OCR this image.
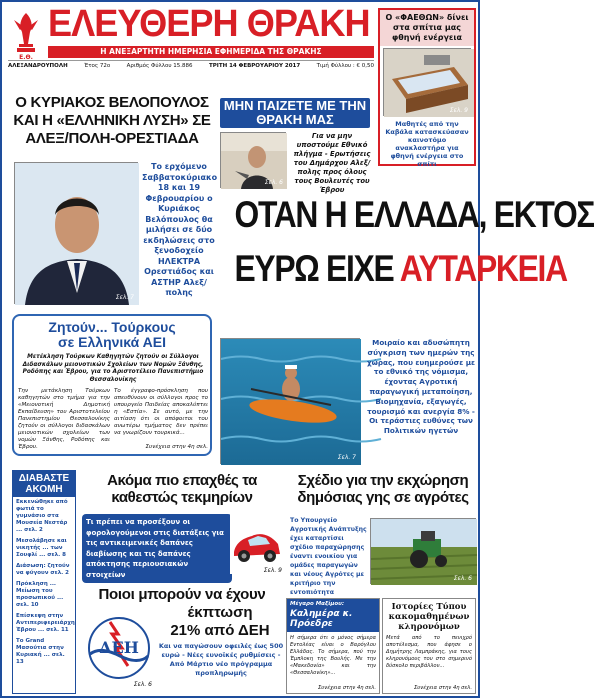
Ε.Θ.
ΕΛΕΥΘΕΡΗ ΘΡΑΚΗ
Η ΑΝΕΞΑΡΤΗΤΗ ΗΜΕΡΗΣΙΑ ΕΦΗΜΕΡΙΔΑ ΤΗΣ ΘΡΑΚΗΣ
ΑΛΕΞΑΝΔΡΟΥΠΟΛΗ	Έτος 72ο	Αριθμός Φύλλου 15.886	ΤΡΙΤΗ 14 ΦΕΒΡΟΥΑΡΙΟΥ 2017	Τιμή Φύλλου : € 0,50
Ο «ΦΑΕΘΩΝ» δίνει στα σπίτια μας φθηνή ενέργεια
Σελ. 9
Μαθητές από την Καβάλα κατασκεύασαν καινοτόμο ανακλαστήρα για φθηνή ενέργεια στο σπίτι
Ο ΚΥΡΙΑΚΟΣ ΒΕΛΟΠΟΥΛΟΣ ΚΑΙ Η «ΕΛΛΗΝΙΚΗ ΛΥΣΗ» ΣΕ ΑΛΕΞ/ΠΟΛΗ-ΟΡΕΣΤΙΑΔΑ
Σελ. 7
Το ερχόμενο Σαββατοκύριακο 18 και 19 Φεβρουαρίου ο Κυριάκος Βελόπουλος θα μιλήσει σε δύο εκδηλώσεις στο ξενοδοχείο ΗΛΕΚΤΡΑ Ορεστιάδος και ΑΣΤΗΡ Αλεξ/πολης
ΜΗΝ ΠΑΙΖΕΤΕ ΜΕ ΤΗΝ ΘΡΑΚΗ ΜΑΣ
Σελ. 6
Για να μην υποστούμε Εθνικό πλήγμα - Ερωτήσεις του Δημάρχου Αλεξ/πολης προς όλους τους Βουλευτές του Έβρου
ΟΤΑΝ Η ΕΛΛΑΔΑ, ΕΚΤΟΣ
ΕΥΡΩ ΕΙΧΕ ΑΥΤΑΡΚΕΙΑ
Ζητούν... Τούρκους
σε Ελληνικά ΑΕΙ
Μετέκληση Τούρκων Καθηγητών ζητούν οι Σύλλογοι Διδασκάλων μειονοτικών Σχολείων των Νομών Ξάνθης, Ροδόπης και Έβρου, για το Αριστοτέλειο Πανεπιστήμιο Θεσσαλονίκης
Την μετάκληση Τούρκων καθηγητών στο τμήμα για την «Μειονοτική Δημοτική Εκπαίδευση» του Αριστοτελείου Πανεπιστημίου Θεσσαλονίκης ζητούν οι σύλλογοι διδασκάλων μειονοτικών σχολείων των νομών Ξάνθης, Ροδόπης και Έβρου.
Το έγγραφο-πρόσκληση που απευθύνουν οι σύλλογοι προς το υπουργείο Παιδείας αποκαλύπτει η «Εστία». Σε αυτό, με την αιτίαση ότι οι απόφοιτοι του ανωτέρω τμήματος δεν πρέπει να γνωρίζουν τουρκικά...
Συνέχεια στην 4η σελ.
Σελ. 7
Μοιραίο και αδυσώπητη σύγκριση των ημερών της χώρας, που ευημερούσε με το εθνικό της νόμισμα, έχοντας Αγροτική παραγωγική μεταποίηση, Βιομηχανία, εξαγωγές, τουρισμό και ανεργία 8% - Οι τεράστιες ευθύνες των Πολιτικών ηγετών
ΔΙΑΒΑΣΤΕ ΑΚΟΜΗ
Εκκενώθηκε από φωτιά το γυμνάσιο στα Μουσεία Νεστάρ ... σελ. 2
Μεσολάβησε και νικητής ... των Σουφλί ... σελ. 8
Διάσωση: ζητούν να φύγουν σελ. 2
Πρόκληση ... Μείωση του προσωπικού ... σελ. 10
Επίσκεψη στην Αντιπεριφερειάρχη Έβρου ... σελ. 11
Το Grand Μασούτια στην Κυριακή ... σελ. 13
Ακόμα πιο επαχθές τα καθεστώς τεκμηρίων
Τι πρέπει να προσέξουν οι φορολογούμενοι στις διατάξεις για τις αντικειμενικές δαπάνες διαβίωσης και τις δαπάνες απόκτησης περιουσιακών στοιχείων	Σελ. 9
Σχέδιο για την εκχώρηση δημόσιας γης σε αγρότες
Το Υπουργείο Αγροτικής Ανάπτυξης έχει καταρτίσει σχέδιο παραχώρησης έναντι ενοικίου για ομάδες παραγωγών και νέους Αγρότες με κριτήριο την εντοπιότητα
Σελ. 6
Ποιοι μπορούν να έχουν
έκπτωση
21% από ΔΕΗ
ΔΕΗ
Σελ. 6
Και να παγώσουν οφειλές έως 500 ευρώ - Νέες ευνοϊκές ρυθμίσεις - Από Μάρτιο νέο πρόγραμμα προπληρωμής
Μέγαρο Μαξίμου:
Καλημέρα κ. Πρόεδρε
Η σήμερα ότι ο μόνος σήμερα Εντολέας είναι ο Βαρόγλου Ελλάδας. Το σήμερα, πού την Έμπλοκη της Βουλής. Με την «Μακεδονία» και την «Θεσσαλονίκη»...
Συνέχεια στην 4η σελ.
Ιστορίες Τύπου κακομαθημένων κληρονόμων
Μετά από το πενιχρό αποτέλεσμα, που άφησε ο Δημήτρης Λαμπράκης, για τους κληρονόμους του στο σημερινό δύσκολο περιβάλλον...
Συνέχεια στην 4η σελ.
